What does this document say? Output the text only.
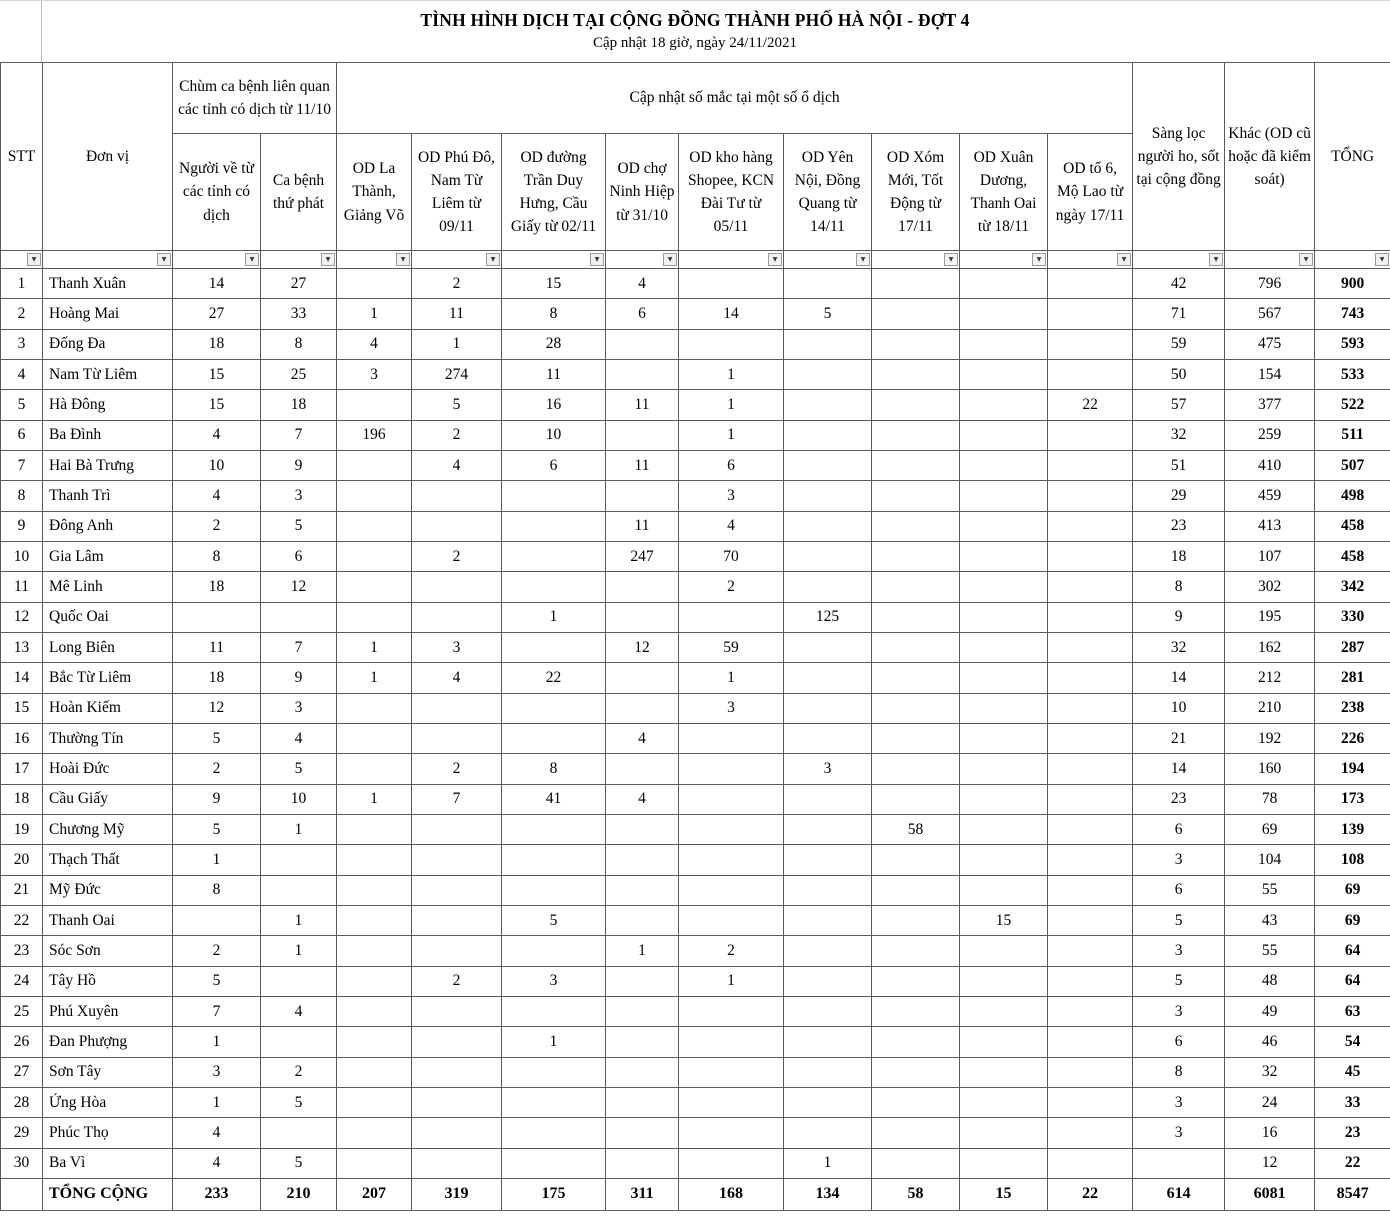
TÌNH HÌNH DỊCH TẠI CỘNG ĐỒNG THÀNH PHỐ HÀ NỘI - ĐỢT 4
Cập nhật 18 giờ, ngày 24/11/2021
STT	Đơn vị	Chùm ca bệnh liên quan các tỉnh có dịch từ 11/10		Cập nhật số mắc tại một số ổ dịch									Sàng lọc người ho, sốt tại cộng đồng	Khác (OD cũ hoặc đã kiểm soát)	TỔNG
		Người về từ các tỉnh có dịch	Ca bệnh thứ phát	OD La Thành, Giảng Võ	OD Phú Đô, Nam Từ Liêm từ 09/11	OD đường Trần Duy Hưng, Cầu Giấy từ 02/11	OD chợ Ninh Hiệp từ 31/10	OD kho hàng Shopee, KCN Đài Tư từ 05/11	OD Yên Nội, Đồng Quang từ 14/11	OD Xóm Mới, Tốt Động từ 17/11	OD Xuân Dương, Thanh Oai từ 18/11	OD tổ 6, Mộ Lao từ ngày 17/11			

▼	▼	▼	▼	▼	▼	▼	▼	▼	▼	▼	▼	▼	▼	▼	▼

1	Thanh Xuân	14	27		2	15	4						42	796	900
2	Hoàng Mai	27	33	1	11	8	6	14	5				71	567	743
3	Đống Đa	18	8	4	1	28							59	475	593
4	Nam Từ Liêm	15	25	3	274	11		1					50	154	533
5	Hà Đông	15	18		5	16	11	1				22	57	377	522
6	Ba Đình	4	7	196	2	10		1					32	259	511
7	Hai Bà Trưng	10	9		4	6	11	6					51	410	507
8	Thanh Trì	4	3					3					29	459	498
9	Đông Anh	2	5				11	4					23	413	458
10	Gia Lâm	8	6		2		247	70					18	107	458
11	Mê Linh	18	12					2					8	302	342
12	Quốc Oai					1			125				9	195	330
13	Long Biên	11	7	1	3		12	59					32	162	287
14	Bắc Từ Liêm	18	9	1	4	22		1					14	212	281
15	Hoàn Kiếm	12	3					3					10	210	238
16	Thường Tín	5	4				4						21	192	226
17	Hoài Đức	2	5		2	8			3				14	160	194
18	Cầu Giấy	9	10	1	7	41	4						23	78	173
19	Chương Mỹ	5	1							58			6	69	139
20	Thạch Thất	1											3	104	108
21	Mỹ Đức	8											6	55	69
22	Thanh Oai		1			5					15		5	43	69
23	Sóc Sơn	2	1				1	2					3	55	64
24	Tây Hồ	5			2	3		1					5	48	64
25	Phú Xuyên	7	4										3	49	63
26	Đan Phượng	1				1							6	46	54
27	Sơn Tây	3	2										8	32	45
28	Ứng Hòa	1	5										3	24	33
29	Phúc Thọ	4											3	16	23
30	Ba Vì	4	5						1					12	22
	TỔNG CỘNG	233	210	207	319	175	311	168	134	58	15	22	614	6081	8547
